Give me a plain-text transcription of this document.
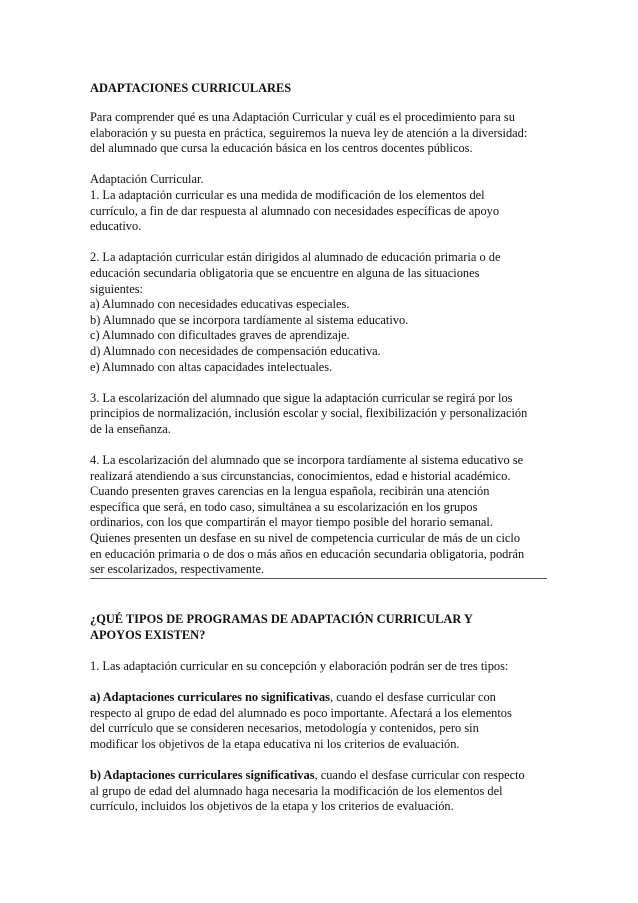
ADAPTACIONES CURRICULARES

Para comprender qué es una Adaptación Curricular y cuál es el procedimiento para su
elaboración y su puesta en práctica, seguiremos la nueva ley de atención a la diversidad:
del alumnado que cursa la educación básica en los centros docentes públicos.

Adaptación Curricular.
1. La adaptación curricular es una medida de modificación de los elementos del
currículo, a fin de dar respuesta al alumnado con necesidades específicas de apoyo
educativo.

2. La adaptación curricular están dirigidos al alumnado de educación primaria o de
educación secundaria obligatoria que se encuentre en alguna de las situaciones
siguientes:
a) Alumnado con necesidades educativas especiales.
b) Alumnado que se incorpora tardíamente al sistema educativo.
c) Alumnado con dificultades graves de aprendizaje.
d) Alumnado con necesidades de compensación educativa.
e) Alumnado con altas capacidades intelectuales.

3. La escolarización del alumnado que sigue la adaptación curricular se regirá por los
principios de normalización, inclusión escolar y social, flexibilización y personalización
de la enseñanza.

4. La escolarización del alumnado que se incorpora tardíamente al sistema educativo se
realizará atendiendo a sus circunstancias, conocimientos, edad e historial académico.
Cuando presenten graves carencias en la lengua española, recibirán una atención
específica que será, en todo caso, simultánea a su escolarización en los grupos
ordinarios, con los que compartirán el mayor tiempo posible del horario semanal.
Quienes presenten un desfase en su nivel de competencia curricular de más de un ciclo
en educación primaria o de dos o más años en educación secundaria obligatoria, podrán
ser escolarizados, respectivamente.

¿QUÉ TIPOS DE PROGRAMAS DE ADAPTACIÓN CURRICULAR Y
APOYOS EXISTEN?

1. Las adaptación curricular en su concepción y elaboración podrán ser de tres tipos:

a) Adaptaciones curriculares no significativas, cuando el desfase curricular con
respecto al grupo de edad del alumnado es poco importante. Afectará a los elementos
del currículo que se consideren necesarios, metodología y contenidos, pero sin
modificar los objetivos de la etapa educativa ni los criterios de evaluación.

b) Adaptaciones curriculares significativas, cuando el desfase curricular con respecto
al grupo de edad del alumnado haga necesaria la modificación de los elementos del
currículo, incluidos los objetivos de la etapa y los criterios de evaluación.
